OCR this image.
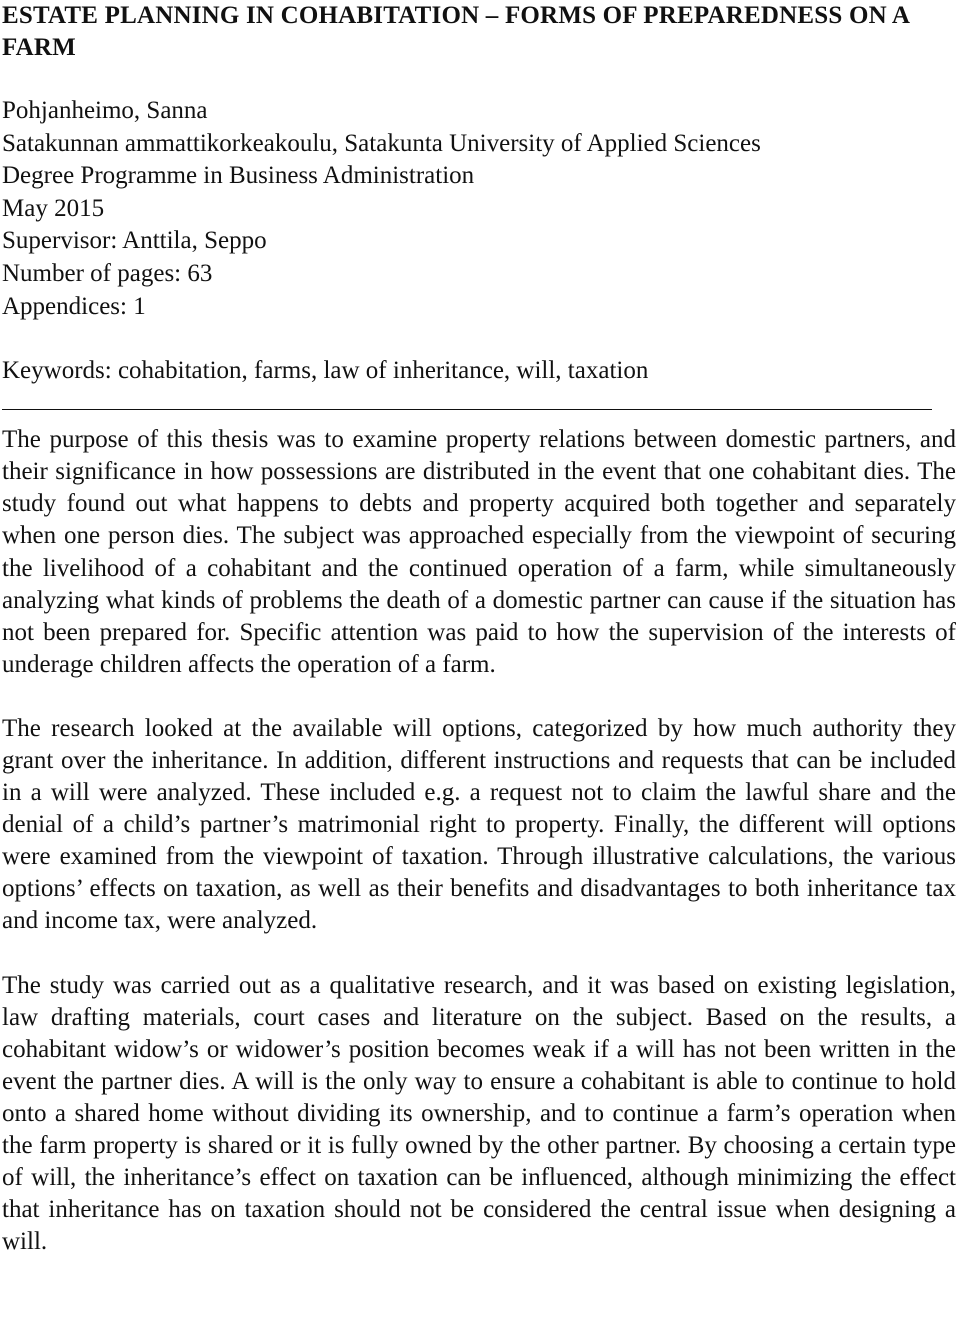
ESTATE PLANNING IN COHABITATION – FORMS OF PREPAREDNESS ON A FARM
Pohjanheimo, Sanna
Satakunnan ammattikorkeakoulu, Satakunta University of Applied Sciences
Degree Programme in Business Administration
May 2015
Supervisor: Anttila, Seppo
Number of pages: 63
Appendices: 1
Keywords: cohabitation, farms, law of inheritance, will, taxation

The purpose of this thesis was to examine property relations between domestic partners, and their significance in how possessions are distributed in the event that one cohabitant dies. The study found out what happens to debts and property acquired both together and separately when one person dies. The subject was approached especially from the viewpoint of securing the livelihood of a cohabitant and the continued operation of a farm, while simultaneously analyzing what kinds of problems the death of a domestic partner can cause if the situation has not been prepared for. Specific attention was paid to how the supervision of the interests of underage children affects the operation of a farm.

The research looked at the available will options, categorized by how much authority they grant over the inheritance. In addition, different instructions and requests that can be included in a will were analyzed. These included e.g. a request not to claim the lawful share and the denial of a child’s partner’s matrimonial right to property. Finally, the different will options were examined from the viewpoint of taxation. Through illustrative calculations, the various options’ effects on taxation, as well as their benefits and disadvantages to both inheritance tax and income tax, were analyzed.

The study was carried out as a qualitative research, and it was based on existing legislation, law drafting materials, court cases and literature on the subject. Based on the results, a cohabitant widow’s or widower’s position becomes weak if a will has not been written in the event the partner dies. A will is the only way to ensure a cohabitant is able to continue to hold onto a shared home without dividing its ownership, and to continue a farm’s operation when the farm property is shared or it is fully owned by the other partner. By choosing a certain type of will, the inheritance’s effect on taxation can be influenced, although minimizing the effect that inheritance has on taxation should not be considered the central issue when designing a will.
